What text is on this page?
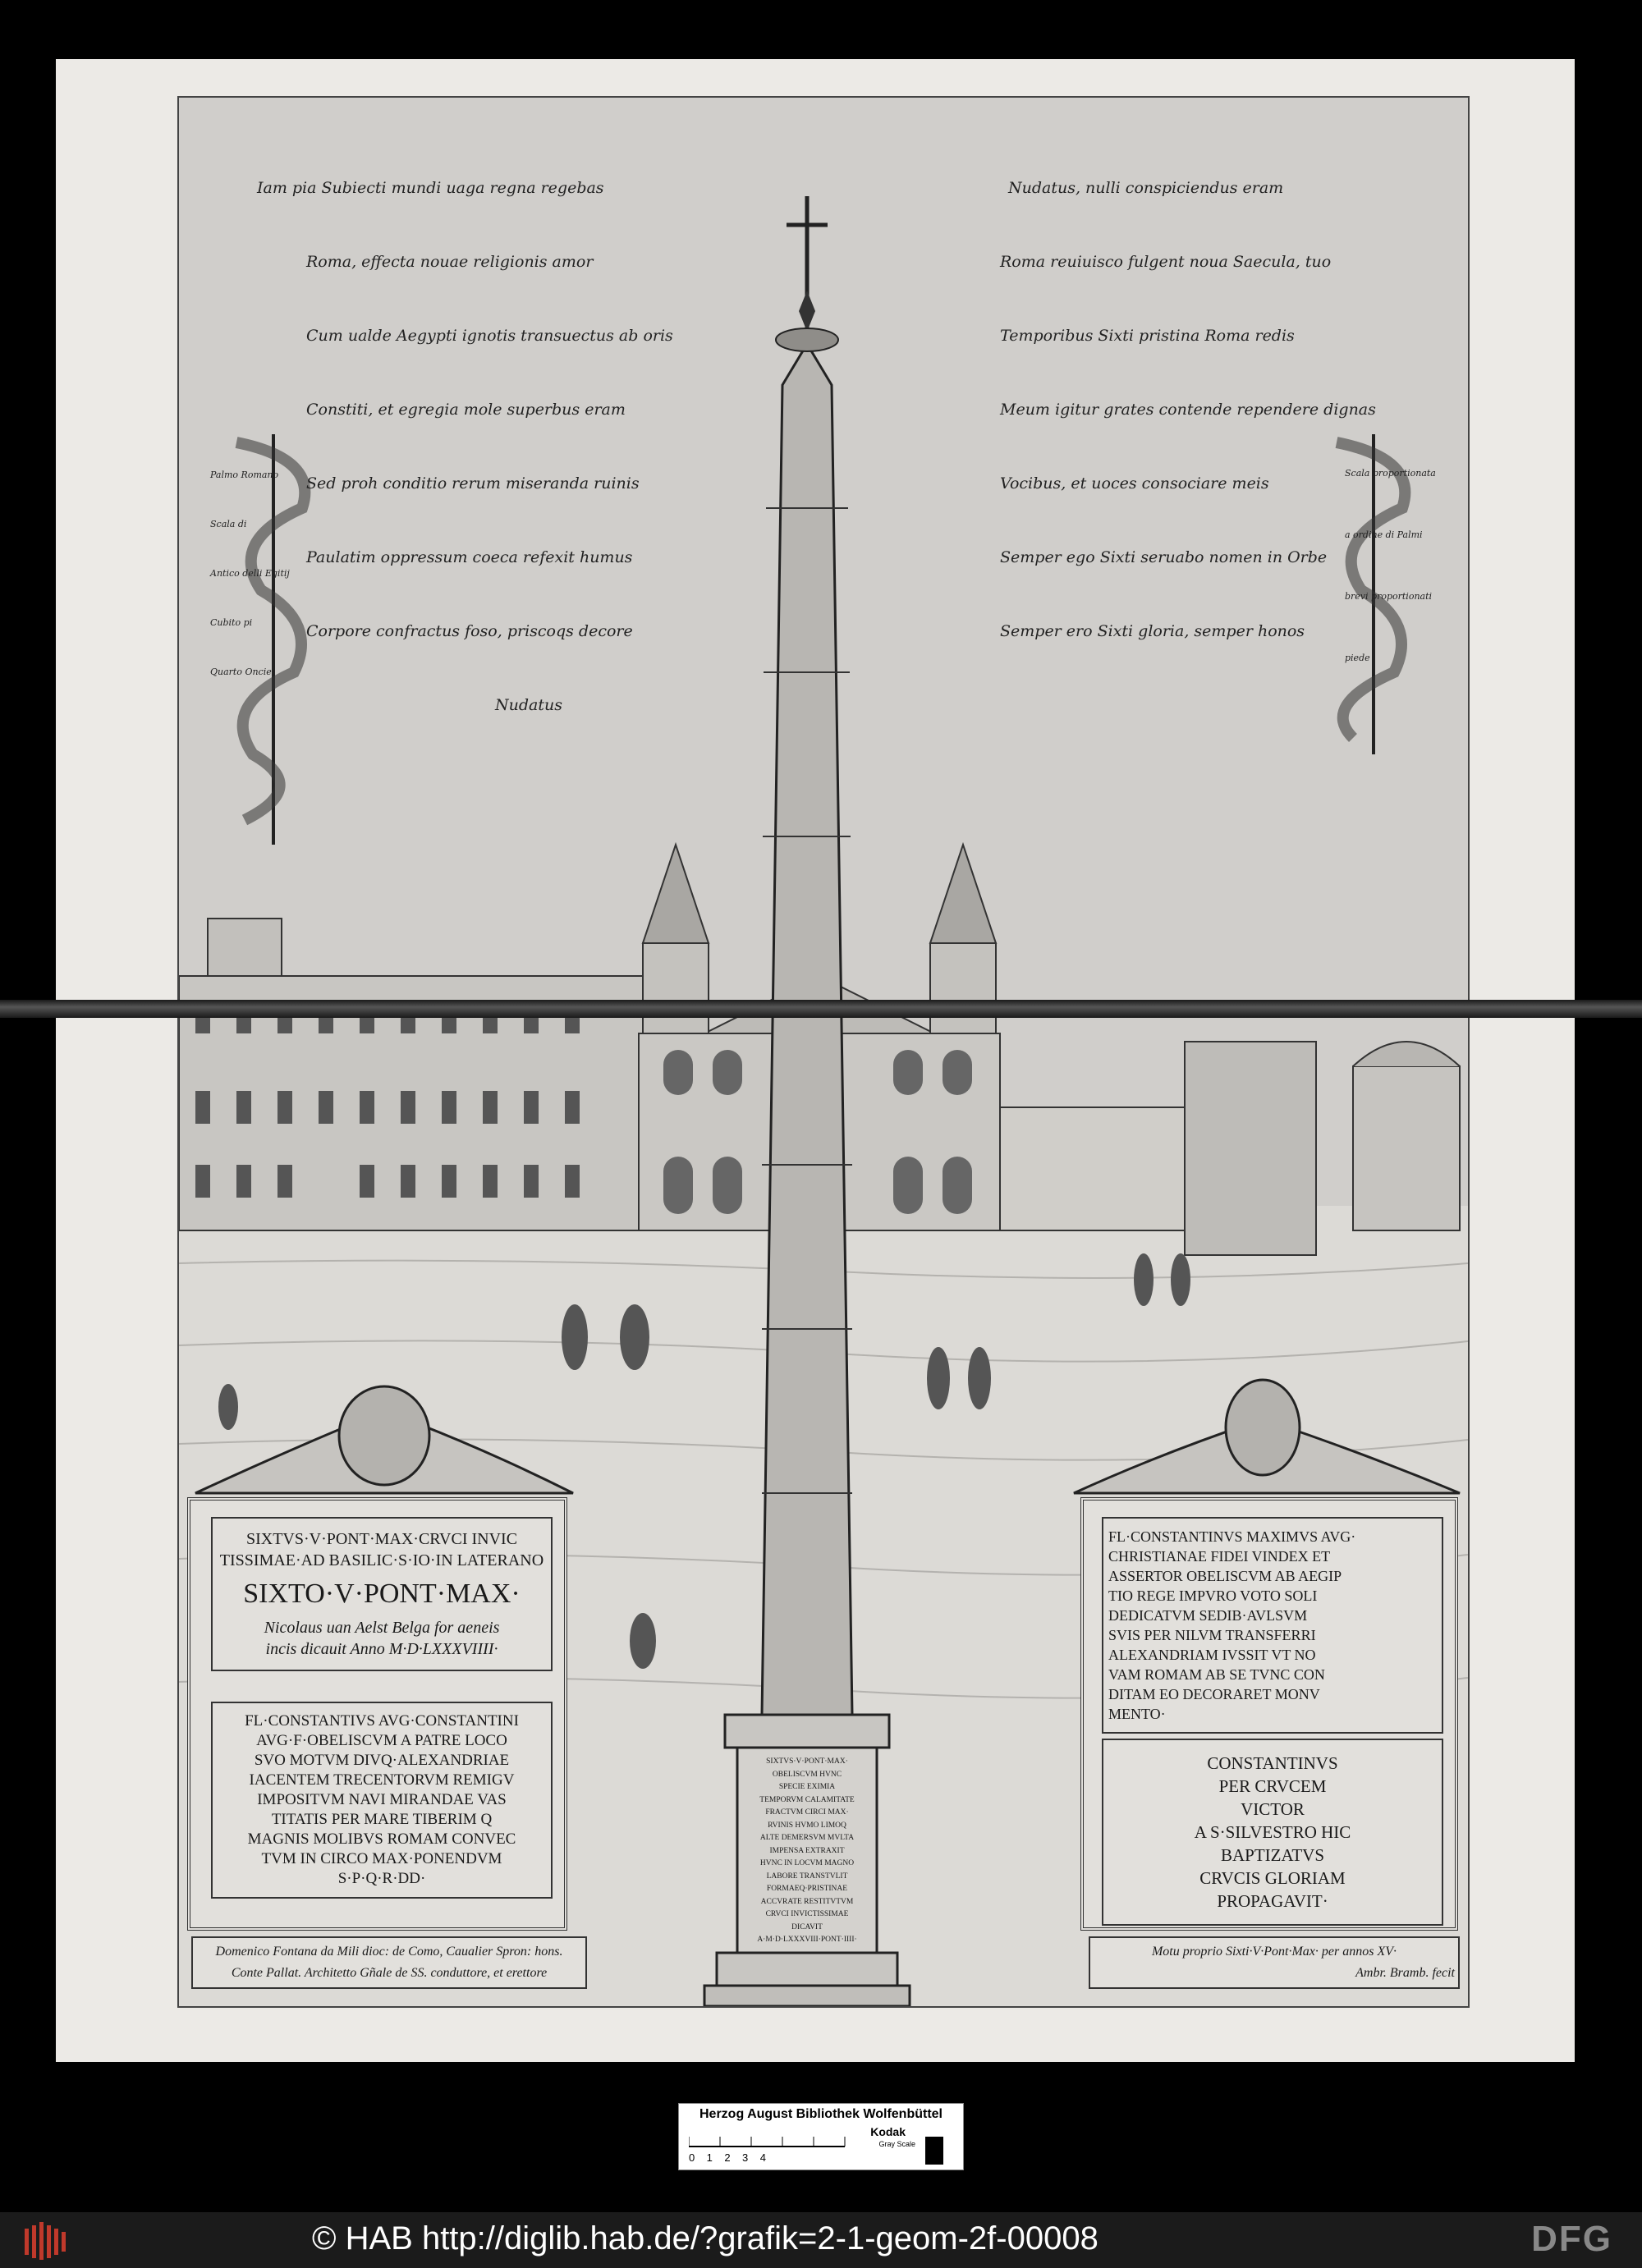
Iam pia Subiecti mundi uaga regna regebas

Roma, effecta nouae religionis amor

Cum ualde Aegypti ignotis transuectus ab oris

Constiti, et egregia mole superbus eram

Sed proh conditio rerum miseranda ruinis

Paulatim oppressum coeca refexit humus

Corpore confractus foso, priscoqs decore

Nudatus

Nudatus, nulli conspiciendus eram

Roma reuiuisco fulgent noua Saecula, tuo

Temporibus Sixti pristina Roma redis

Meum igitur grates contende rependere dignas

Vocibus, et uoces consociare meis

Semper ego Sixti seruabo nomen in Orbe

Semper ero Sixti gloria, semper honos

Palmo Romano
Scala di
Antico delli Egitij
Cubito pi
Quarto Oncie
Scala proportionata
a ordine di Palmi
brevi proportionati
piede
SIXTVS·V·PONT·MAX·CRVCI INVIC
TISSIMAE·AD BASILIC·S·IO·IN LATERANO
SIXTO·V·PONT·MAX·
Nicolaus uan Aelst Belga for aeneis
incis dicauit Anno M·D·LXXXVIIII·
FL·CONSTANTIVS AVG·CONSTANTINI
AVG·F·OBELISCVM A PATRE LOCO
SVO MOTVM DIVQ·ALEXANDRIAE
IACENTEM TRECENTORVM REMIGV
IMPOSITVM NAVI MIRANDAE VAS
TITATIS PER MARE TIBERIM Q
MAGNIS MOLIBVS ROMAM CONVEC
TVM IN CIRCO MAX·PONENDVM
S·P·Q·R·DD·
Domenico Fontana da Mili dioc: de Como, Caualier Spron: hons.
Conte Pallat. Architetto Gñale de SS. conduttore, et erettore
SIXTVS·V·PONT·MAX·
OBELISCVM HVNC
SPECIE EXIMIA
TEMPORVM CALAMITATE
FRACTVM CIRCI MAX·
RVINIS HVMO LIMOQ
ALTE DEMERSVM MVLTA
IMPENSA EXTRAXIT
HVNC IN LOCVM MAGNO
LABORE TRANSTVLIT
FORMAEQ·PRISTINAE
ACCVRATE RESTITVTVM
CRVCI INVICTISSIMAE
DICAVIT
A·M·D·LXXXVIII·PONT·IIII·
FL·CONSTANTINVS MAXIMVS AVG·
CHRISTIANAE FIDEI VINDEX ET
ASSERTOR OBELISCVM AB AEGIP
TIO REGE IMPVRO VOTO SOLI
DEDICATVM SEDIB·AVLSVM
SVIS PER NILVM TRANSFERRI
ALEXANDRIAM IVSSIT VT NO
VAM ROMAM AB SE TVNC CON
DITAM EO DECORARET MONV
MENTO·
CONSTANTINVS
PER CRVCEM
VICTOR
A S·SILVESTRO HIC
BAPTIZATVS
CRVCIS GLORIAM
PROPAGAVIT·
Motu proprio Sixti·V·Pont·Max· per annos XV·
Ambr. Bramb. fecit
Herzog August Bibliothek Wolfenbüttel
0    1    2    3    4
Kodak
Gray Scale
© HAB http://diglib.hab.de/?grafik=2-1-geom-2f-00008	DFG
